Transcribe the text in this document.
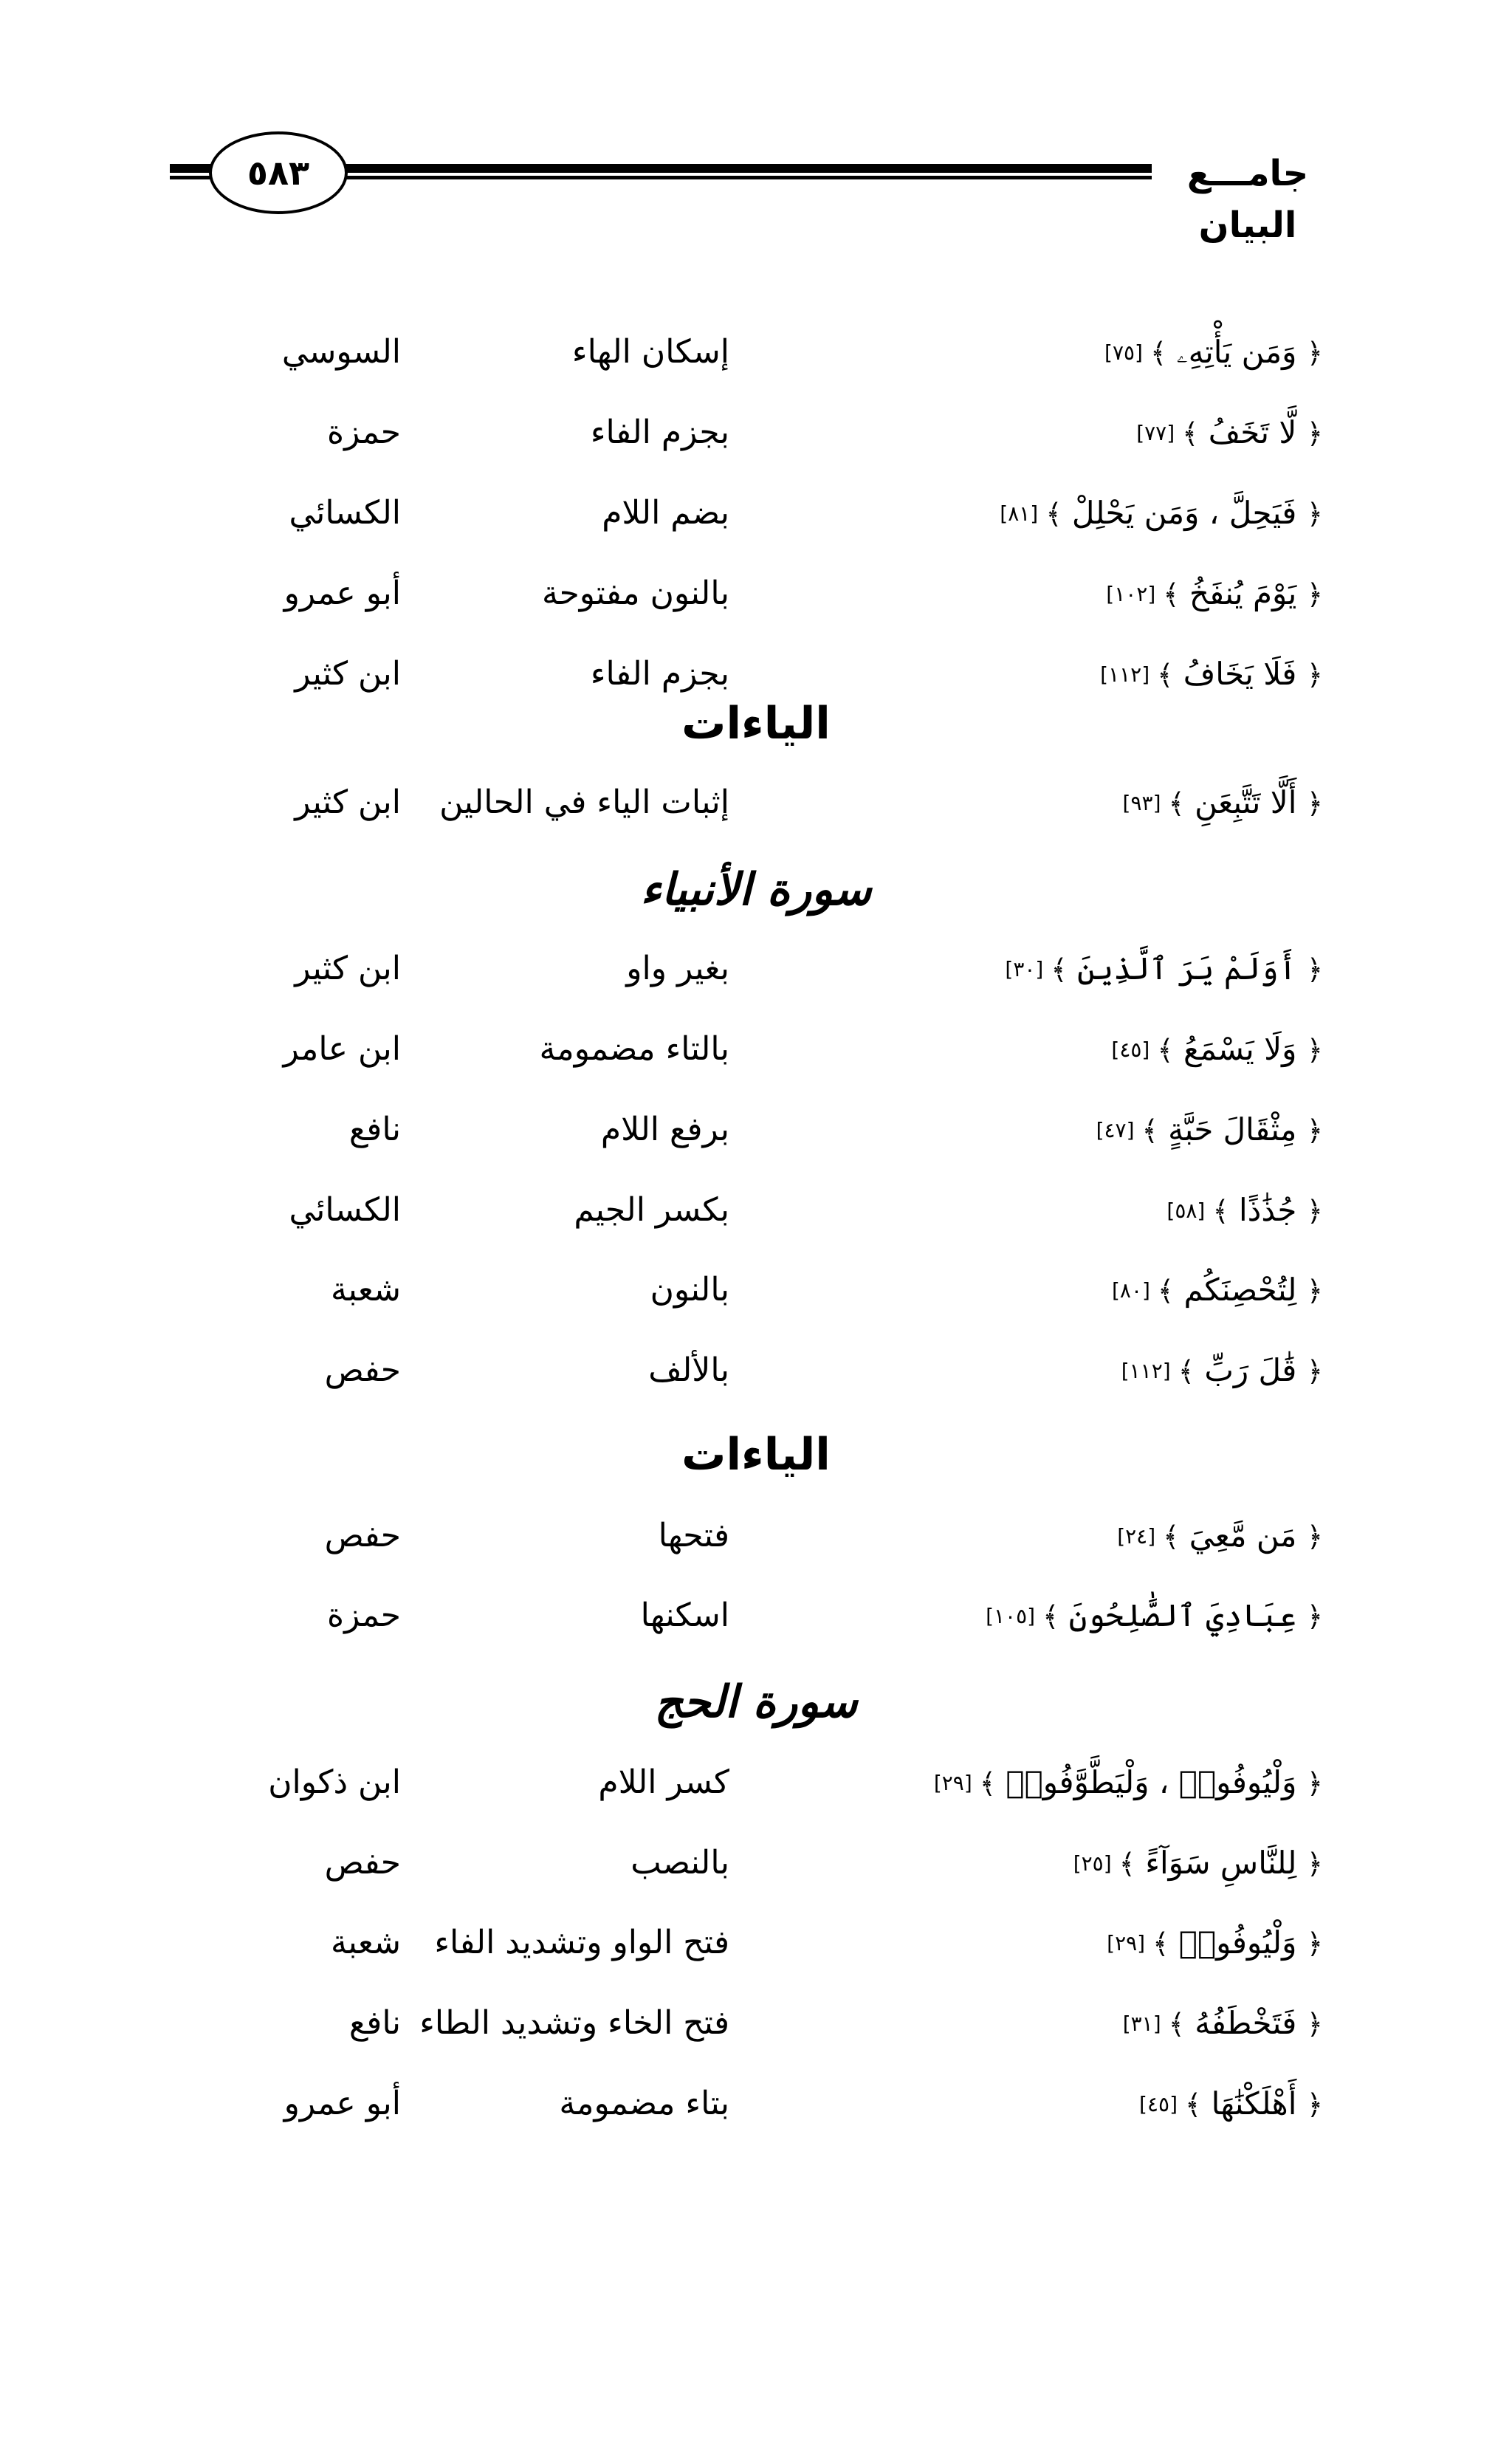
جامـــع البيان
٥٨٣
﴿ وَمَن يَأْتِهِۦ ﴾[٧٥]
إسكان الهاء
السوسي
﴿ لَّا تَخَفُ ﴾[٧٧]
بجزم الفاء
حمزة
﴿ فَيَحِلَّ ، وَمَن يَحْلِلْ ﴾[٨١]
بضم اللام
الكسائي
﴿ يَوْمَ يُنفَخُ ﴾[١٠٢]
بالنون مفتوحة
أبو عمرو
﴿ فَلَا يَخَافُ ﴾[١١٢]
بجزم الفاء
ابن كثير
الياءات
﴿ أَلَّا تَتَّبِعَنِ ﴾[٩٣]
إثبات الياء في الحالين
ابن كثير
سورة الأنبياء
﴿ أَوَلَمْ يَرَ ٱلَّذِينَ ﴾[٣٠]
بغير واو
ابن كثير
﴿ وَلَا يَسْمَعُ ﴾[٤٥]
بالتاء مضمومة
ابن عامر
﴿ مِثْقَالَ حَبَّةٍ ﴾[٤٧]
برفع اللام
نافع
﴿ جُذَٰذًا ﴾[٥٨]
بكسر الجيم
الكسائي
﴿ لِتُحْصِنَكُم ﴾[٨٠]
بالنون
شعبة
﴿ قَٰلَ رَبِّ ﴾[١١٢]
بالألف
حفص
الياءات
﴿ مَن مَّعِيَ ﴾[٢٤]
فتحها
حفص
﴿ عِبَادِيَ ٱلصَّٰلِحُونَ ﴾[١٠٥]
اسكنها
حمزة
سورة الحج
﴿ وَلْيُوفُوا۟ ، وَلْيَطَّوَّفُوا۟ ﴾[٢٩]
كسر اللام
ابن ذكوان
﴿ لِلنَّاسِ سَوَآءً ﴾[٢٥]
بالنصب
حفص
﴿ وَلْيُوفُوا۟ ﴾[٢٩]
فتح الواو وتشديد الفاء
شعبة
﴿ فَتَخْطَفُهُ ﴾[٣١]
فتح الخاء وتشديد الطاء
نافع
﴿ أَهْلَكْنَٰهَا ﴾[٤٥]
بتاء مضمومة
أبو عمرو
